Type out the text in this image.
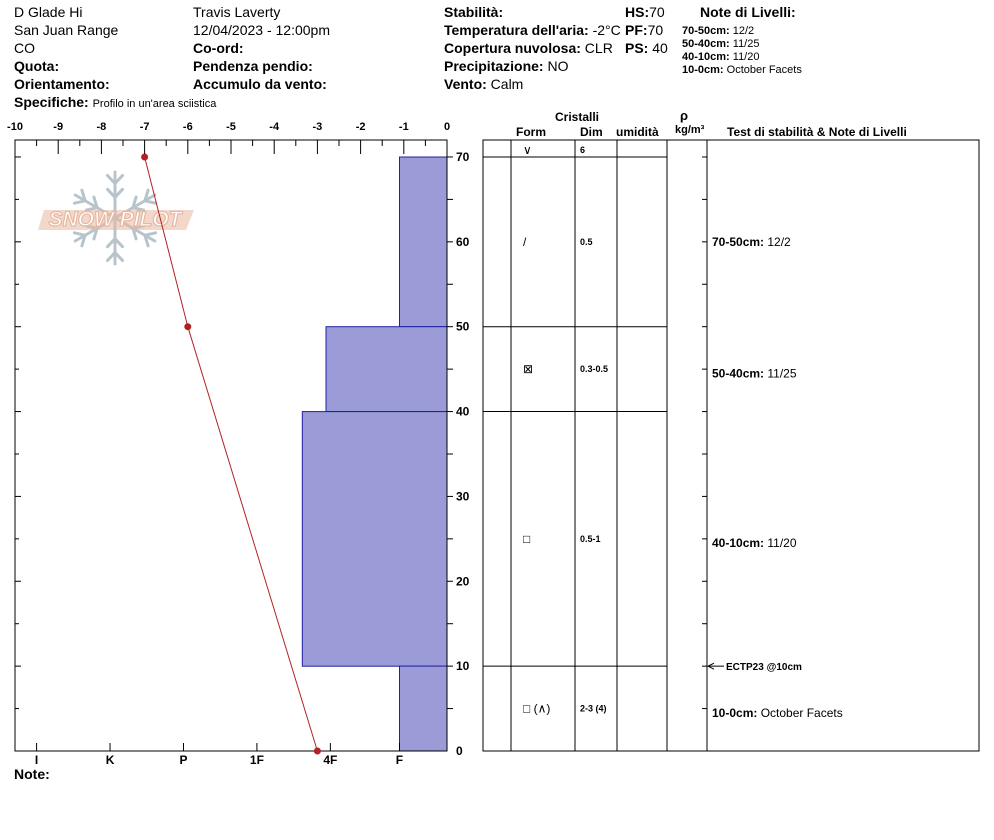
D Glade Hi
San Juan Range
CO
Quota:
Orientamento:
Specifiche: Profilo in un'area sciistica
Travis Laverty
12/04/2023 - 12:00pm
Co-ord:
Pendenza pendio:
Accumulo da vento:
Stabilità:
Temperatura dell'aria: -2°C
Copertura nuvolosa: CLR
Precipitazione: NO
Vento: Calm
HS:70
PF:70
PS: 40
Note di Livelli:
70-50cm: 12/2
50-40cm: 11/25
40-10cm: 11/20
10-0cm: October Facets
Cristalli
Form	Dim umidità
ρ
kg/m³ Test di stabilità & Note di Livelli
SNOW PILOT
-10	-9	-8	-7	-6	-5	-4	-3	-2	-1	0
0
10
20
30
40
50
60
70
I	K	P	1F	4F	F
∨	6
/	0.5
⊠	0.3-0.5
□	0.5-1
□ (∧)	2-3 (4)
70-50cm: 12/2
50-40cm: 11/25
40-10cm: 11/20
10-0cm: October Facets
ECTP23 @10cm
Note:
